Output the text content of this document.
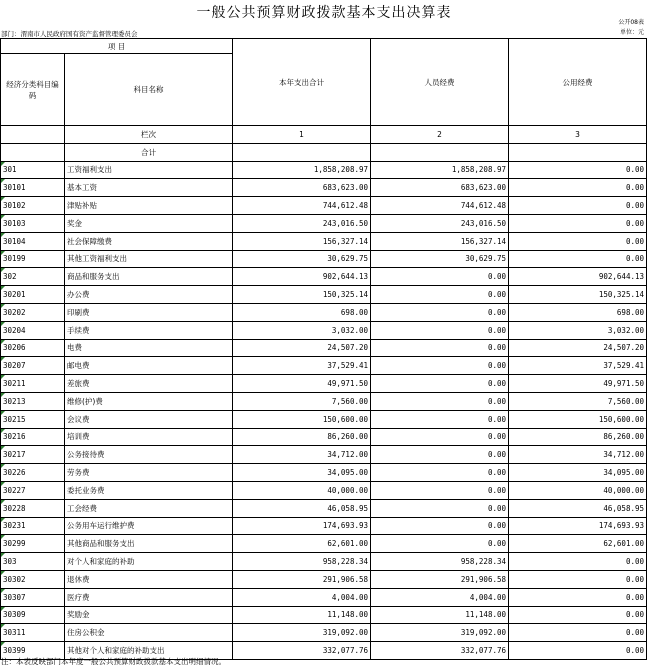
一般公共预算财政拨款基本支出决算表
公开08表
单位：元
部门：渭南市人民政府国有资产监督管理委员会
项 目		本年支出合计	人员经费	公用经费
经济分类科目编码	科目名称			
	栏次	1	2	3
	合计			
301	工资福利支出	1,858,208.97	1,858,208.97	0.00
30101	基本工资	683,623.00	683,623.00	0.00
30102	津贴补贴	744,612.48	744,612.48	0.00
30103	奖金	243,016.50	243,016.50	0.00
30104	社会保障缴费	156,327.14	156,327.14	0.00
30199	其他工资福利支出	30,629.75	30,629.75	0.00
302	商品和服务支出	902,644.13	0.00	902,644.13
30201	办公费	150,325.14	0.00	150,325.14
30202	印刷费	698.00	0.00	698.00
30204	手续费	3,032.00	0.00	3,032.00
30206	电费	24,507.20	0.00	24,507.20
30207	邮电费	37,529.41	0.00	37,529.41
30211	差旅费	49,971.50	0.00	49,971.50
30213	维修(护)费	7,560.00	0.00	7,560.00
30215	会议费	150,600.00	0.00	150,600.00
30216	培训费	86,260.00	0.00	86,260.00
30217	公务接待费	34,712.00	0.00	34,712.00
30226	劳务费	34,095.00	0.00	34,095.00
30227	委托业务费	40,000.00	0.00	40,000.00
30228	工会经费	46,058.95	0.00	46,058.95
30231	公务用车运行维护费	174,693.93	0.00	174,693.93
30299	其他商品和服务支出	62,601.00	0.00	62,601.00
303	对个人和家庭的补助	958,228.34	958,228.34	0.00
30302	退休费	291,906.58	291,906.58	0.00
30307	医疗费	4,004.00	4,004.00	0.00
30309	奖励金	11,148.00	11,148.00	0.00
30311	住房公积金	319,092.00	319,092.00	0.00
30399	其他对个人和家庭的补助支出	332,077.76	332,077.76	0.00
注：本表反映部门本年度一般公共预算财政拨款基本支出明细情况。
